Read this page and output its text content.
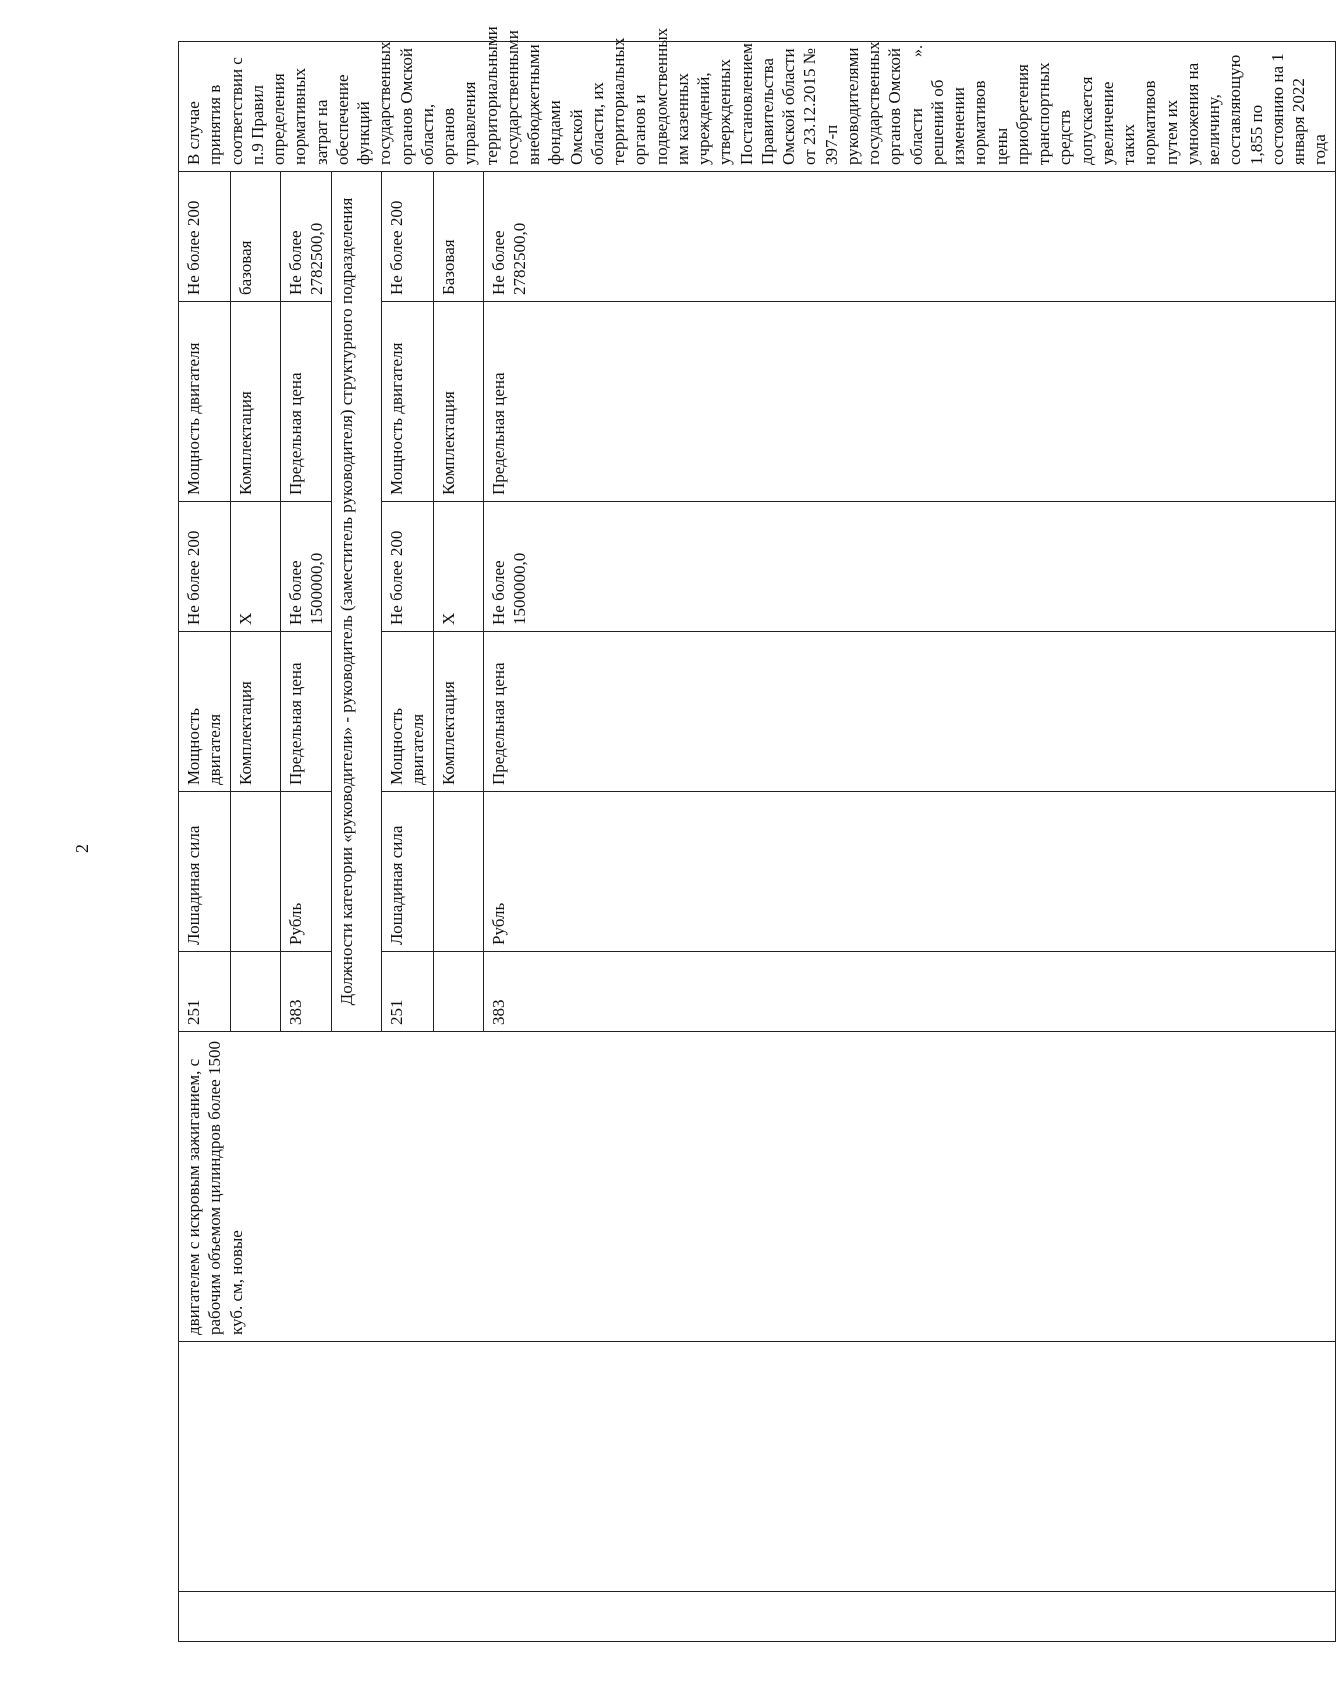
2
».
		двигателем с искровым зажиганием, с рабочим объемом цилиндров более 1500 куб. см, новые	251	Лошадиная сила	Мощность двигателя	Не более 200	Мощность двигателя	Не более 200	В случае принятия в соответствии с п.9 Правил определения нормативных затрат на обеспечение функций государственных органов Омской области, органов управления территориальными государственными внебюджетными фондами Омской области, их территориальных органов и подведомственных им казенных учреждений, утвержденных Постановлением Правительства Омской области от 23.12.2015 № 397-п руководителями государственных органов Омской области решений об изменении нормативов цены приобретения транспортных средств допускается увеличение таких нормативов путем их умножения на величину, составляющую 1,855 по состоянию на 1 января 2022 года
					Комплектация	X	Комплектация	базовая	
			383	Рубль	Предельная цена	Не более 1500000,0	Предельная цена	Не более 2782500,0	
			Должности категории «руководители» - руководитель (заместитель руководителя) структурного подразделения						
			251	Лошадиная сила	Мощность двигателя	Не более 200	Мощность двигателя	Не более 200	
					Комплектация	X	Комплектация	Базовая	
			383	Рубль	Предельная цена	Не более 1500000,0	Предельная цена	Не более 2782500,0	
